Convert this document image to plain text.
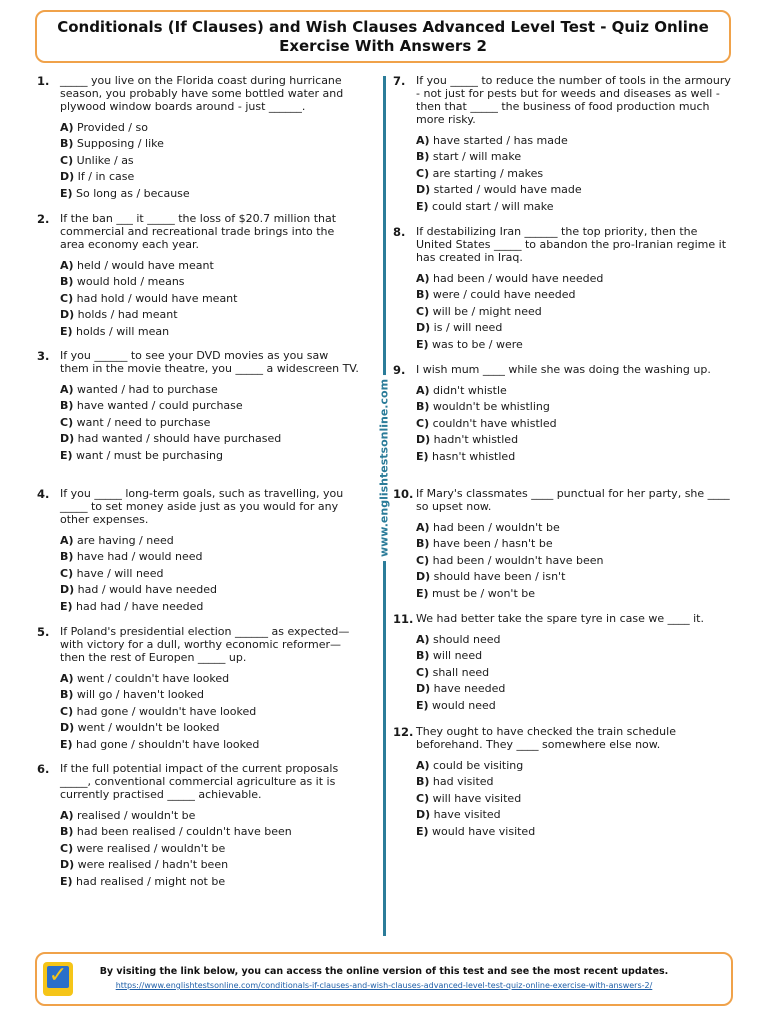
Conditionals (If Clauses) and Wish Clauses Advanced Level Test - Quiz Online Exercise With Answers 2
www.englishtestsonline.com
1. _____ you live on the Florida coast during hurricane season, you probably have some bottled water and plywood window boards around - just ______.
A) Provided / so
B) Supposing / like
C) Unlike / as
D) If / in case
E) So long as / because
2. If the ban ___ it _____ the loss of $20.7 million that commercial and recreational trade brings into the area economy each year.
A) held / would have meant
B) would hold / means
C) had hold / would have meant
D) holds / had meant
E) holds / will mean
3. If you ______ to see your DVD movies as you saw them in the movie theatre, you _____ a widescreen TV.
A) wanted / had to purchase
B) have wanted / could purchase
C) want / need to purchase
D) had wanted / should have purchased
E) want / must be purchasing
4. If you _____ long-term goals, such as travelling, you _____ to set money aside just as you would for any other expenses.
A) are having / need
B) have had / would need
C) have / will need
D) had / would have needed
E) had had / have needed
5. If Poland's presidential election ______ as expected—with victory for a dull, worthy economic reformer—then the rest of Europen _____ up.
A) went / couldn't have looked
B) will go / haven't looked
C) had gone / wouldn't have looked
D) went / wouldn't be looked
E) had gone / shouldn't have looked
6. If the full potential impact of the current proposals _____, conventional commercial agriculture as it is currently practised _____ achievable.
A) realised / wouldn't be
B) had been realised / couldn't have been
C) were realised / wouldn't be
D) were realised / hadn't been
E) had realised / might not be
7. If you _____ to reduce the number of tools in the armoury - not just for pests but for weeds and diseases as well - then that _____ the business of food production much more risky.
A) have started / has made
B) start / will make
C) are starting / makes
D) started / would have made
E) could start / will make
8. If destabilizing Iran ______ the top priority, then the United States _____ to abandon the pro-Iranian regime it has created in Iraq.
A) had been / would have needed
B) were / could have needed
C) will be / might need
D) is / will need
E) was to be / were
9. I wish mum ____ while she was doing the washing up.
A) didn't whistle
B) wouldn't be whistling
C) couldn't have whistled
D) hadn't whistled
E) hasn't whistled
10. If Mary's classmates ____ punctual for her party, she ____ so upset now.
A) had been / wouldn't be
B) have been / hasn't be
C) had been / wouldn't have been
D) should have been / isn't
E) must be / won't be
11. We had better take the spare tyre in case we ____ it.
A) should need
B) will need
C) shall need
D) have needed
E) would need
12. They ought to have checked the train schedule beforehand. They ____ somewhere else now.
A) could be visiting
B) had visited
C) will have visited
D) have visited
E) would have visited
✓	By visiting the link below, you can access the online version of this test and see the most recent updates.
https://www.englishtestsonline.com/conditionals-if-clauses-and-wish-clauses-advanced-level-test-quiz-online-exercise-with-answers-2/
